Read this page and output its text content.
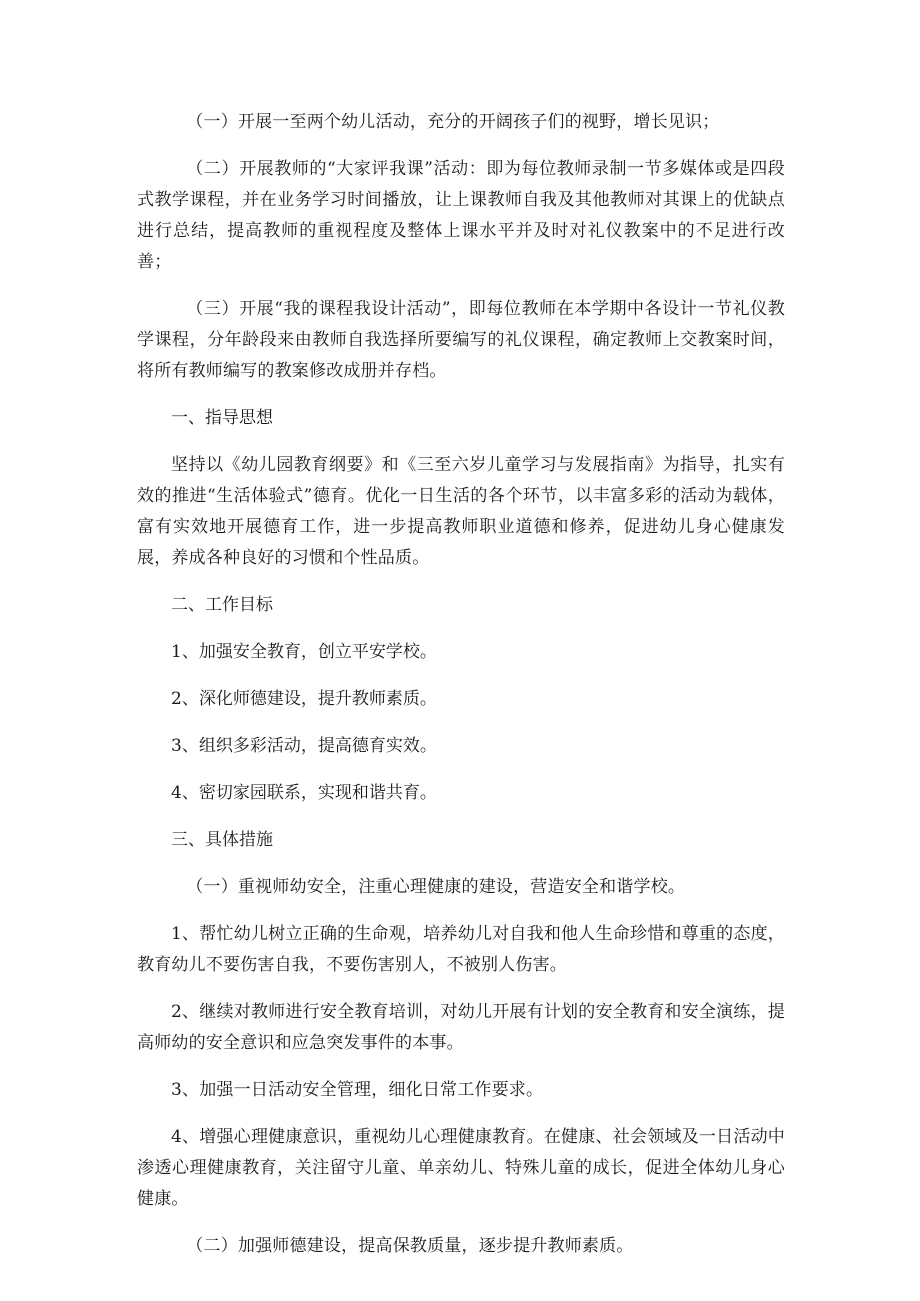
（一）开展一至两个幼儿活动，充分的开阔孩子们的视野，增长见识；

（二）开展教师的“大家评我课”活动：即为每位教师录制一节多媒体或是四段式教学课程，并在业务学习时间播放，让上课教师自我及其他教师对其课上的优缺点进行总结，提高教师的重视程度及整体上课水平并及时对礼仪教案中的不足进行改善；

（三）开展“我的课程我设计活动”，即每位教师在本学期中各设计一节礼仪教学课程，分年龄段来由教师自我选择所要编写的礼仪课程，确定教师上交教案时间，将所有教师编写的教案修改成册并存档。

一、指导思想

坚持以《幼儿园教育纲要》和《三至六岁儿童学习与发展指南》为指导，扎实有效的推进“生活体验式”德育。优化一日生活的各个环节，以丰富多彩的活动为载体，富有实效地开展德育工作，进一步提高教师职业道德和修养，促进幼儿身心健康发展，养成各种良好的习惯和个性品质。

二、工作目标

1、加强安全教育，创立平安学校。

2、深化师德建设，提升教师素质。

3、组织多彩活动，提高德育实效。

4、密切家园联系，实现和谐共育。

三、具体措施

（一）重视师幼安全，注重心理健康的建设，营造安全和谐学校。

1、帮忙幼儿树立正确的生命观，培养幼儿对自我和他人生命珍惜和尊重的态度，教育幼儿不要伤害自我，不要伤害别人，不被别人伤害。

2、继续对教师进行安全教育培训，对幼儿开展有计划的安全教育和安全演练，提高师幼的安全意识和应急突发事件的本事。

3、加强一日活动安全管理，细化日常工作要求。

4、增强心理健康意识，重视幼儿心理健康教育。在健康、社会领域及一日活动中渗透心理健康教育，关注留守儿童、单亲幼儿、特殊儿童的成长，促进全体幼儿身心健康。

（二）加强师德建设，提高保教质量，逐步提升教师素质。
